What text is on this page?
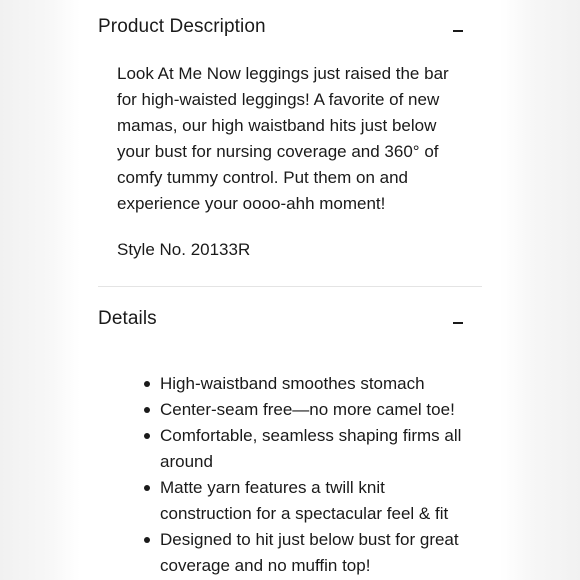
Product Description
Look At Me Now leggings just raised the bar for high-waisted leggings! A favorite of new mamas, our high waistband hits just below your bust for nursing coverage and 360° of comfy tummy control. Put them on and experience your oooo-ahh moment!
Style No. 20133R
Details
High-waistband smoothes stomach
Center-seam free—no more camel toe!
Comfortable, seamless shaping firms all around
Matte yarn features a twill knit construction for a spectacular feel & fit
Designed to hit just below bust for great coverage and no muffin top!
